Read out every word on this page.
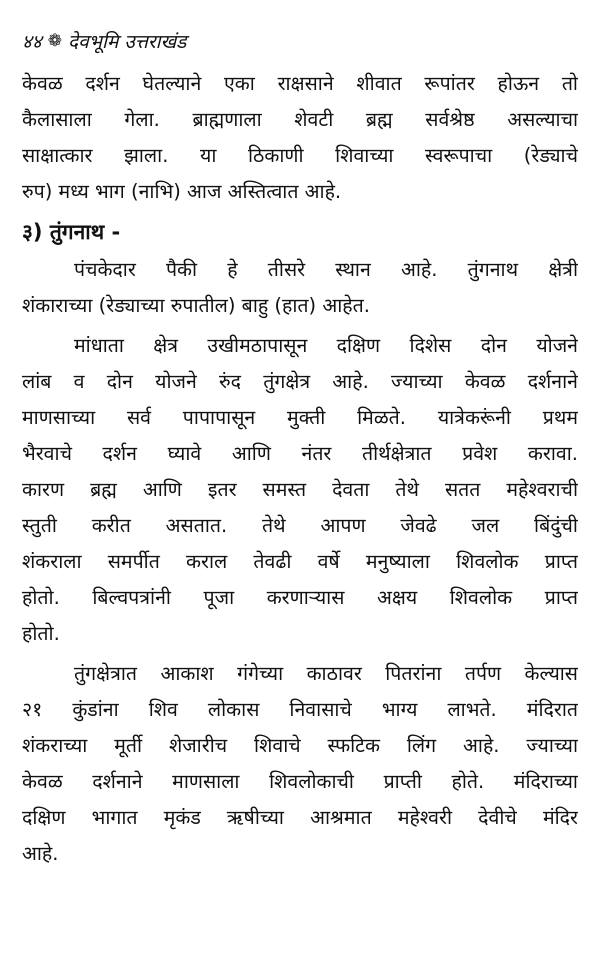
४४ ❁ देवभूमि उत्तराखंड
केवळ दर्शन घेतल्याने एका राक्षसाने शीवात रूपांतर होऊन तो
कैलासाला गेला. ब्राह्मणाला शेवटी ब्रह्म सर्वश्रेष्ठ असल्याचा
साक्षात्कार झाला. या ठिकाणी शिवाच्या स्वरूपाचा (रेड्याचे
रुप) मध्य भाग (नाभि) आज अस्तित्वात आहे.
३) तुंगनाथ -
पंचकेदार पैकी हे तीसरे स्थान आहे. तुंगनाथ क्षेत्री
शंकाराच्या (रेड्याच्या रुपातील) बाहु (हात) आहेत.
मांधाता क्षेत्र उखीमठापासून दक्षिण दिशेस दोन योजने
लांब व दोन योजने रुंद तुंगक्षेत्र आहे. ज्याच्या केवळ दर्शनाने
माणसाच्या सर्व पापापासून मुक्ती मिळते. यात्रेकरूंनी प्रथम
भैरवाचे दर्शन घ्यावे आणि नंतर तीर्थक्षेत्रात प्रवेश करावा.
कारण ब्रह्म आणि इतर समस्त देवता तेथे सतत महेश्वराची
स्तुती करीत असतात. तेथे आपण जेवढे जल बिंदुंची
शंकराला समर्पीत कराल तेवढी वर्षे मनुष्याला शिवलोक प्राप्त
होतो. बिल्वपत्रांनी पूजा करणाऱ्यास अक्षय शिवलोक प्राप्त
होतो.
तुंगक्षेत्रात आकाश गंगेच्या काठावर पितरांना तर्पण केल्यास
२१ कुंडांना शिव लोकास निवासाचे भाग्य लाभते. मंदिरात
शंकराच्या मूर्ती शेजारीच शिवाचे स्फटिक लिंग आहे. ज्याच्या
केवळ दर्शनाने माणसाला शिवलोकाची प्राप्ती होते. मंदिराच्या
दक्षिण भागात मृकंड ऋषीच्या आश्रमात महेश्वरी देवीचे मंदिर
आहे.
